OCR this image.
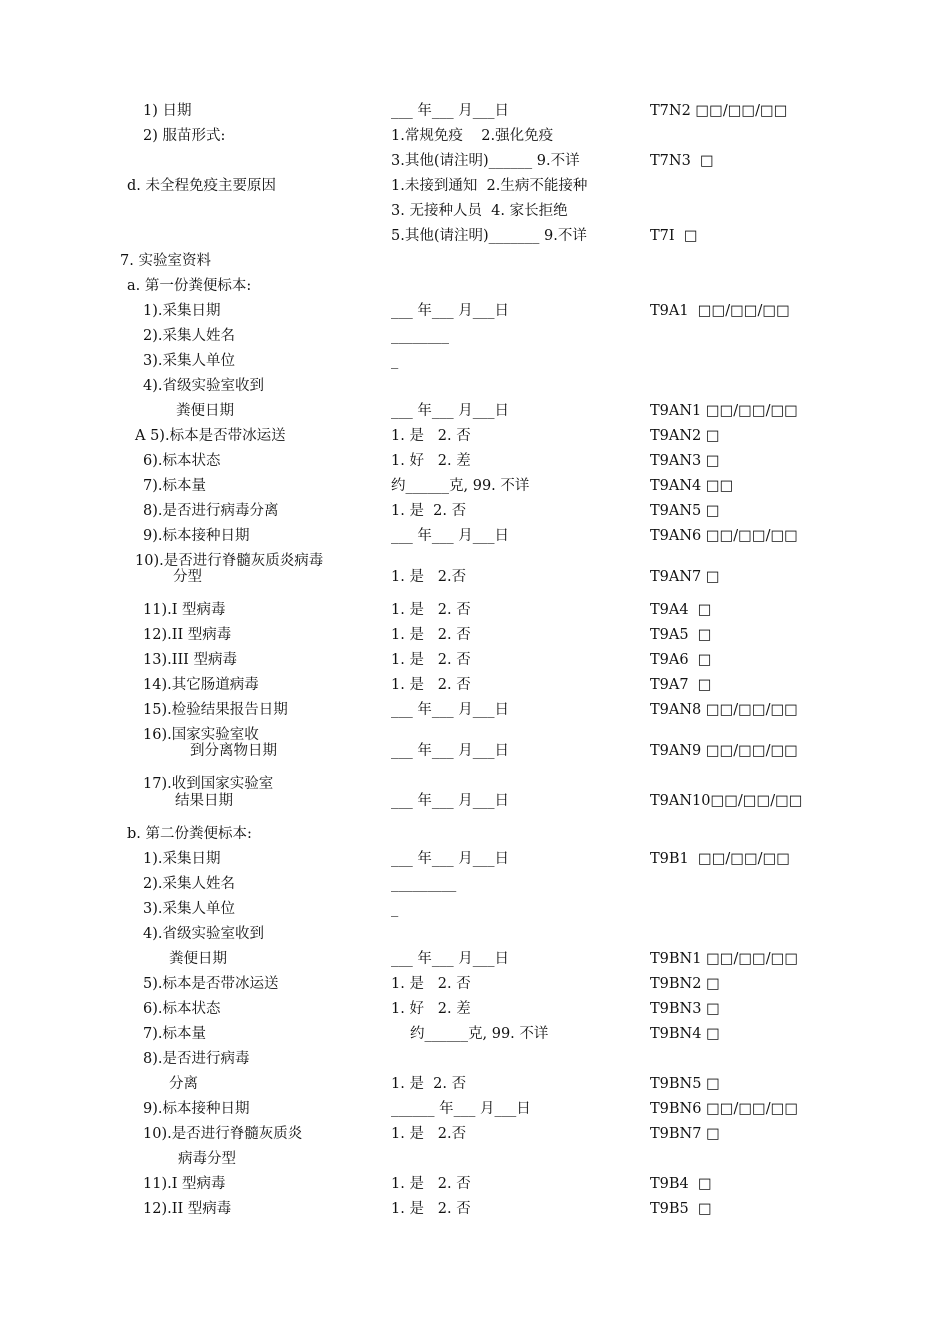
1) 日期	___ 年___ 月___日	T7N2 □□/□□/□□
2) 服苗形式:	1.常规免疫    2.强化免疫
3.其他(请注明)______ 9.不详	T7N3  □
d. 未全程免疫主要原因	1.未接到通知  2.生病不能接种
3. 无接种人员  4. 家长拒绝
5.其他(请注明)_______ 9.不详	T7I  □
7. 实验室资料
a. 第一份粪便标本:
1).采集日期	___ 年___ 月___日	T9A1  □□/□□/□□
2).采集人姓名	________
3).采集人单位	_
4).省级实验室收到
粪便日期	___ 年___ 月___日	T9AN1 □□/□□/□□
A 5).标本是否带冰运送	1. 是   2. 否	T9AN2 □
6).标本状态	1. 好   2. 差	T9AN3 □
7).标本量	约______克, 99. 不详	T9AN4 □□
8).是否进行病毒分离	1. 是  2. 否	T9AN5 □
9).标本接种日期	___ 年___ 月___日	T9AN6 □□/□□/□□
10).是否进行脊髓灰质炎病毒
分型	1. 是   2.否	T9AN7 □
11).I 型病毒	1. 是   2. 否	T9A4  □
12).II 型病毒	1. 是   2. 否	T9A5  □
13).III 型病毒	1. 是   2. 否	T9A6  □
14).其它肠道病毒	1. 是   2. 否	T9A7  □
15).检验结果报告日期	___ 年___ 月___日	T9AN8 □□/□□/□□
16).国家实验室收
到分离物日期	___ 年___ 月___日	T9AN9 □□/□□/□□
17).收到国家实验室
结果日期	___ 年___ 月___日	T9AN10□□/□□/□□
b. 第二份粪便标本:
1).采集日期	___ 年___ 月___日	T9B1  □□/□□/□□
2).采集人姓名	_________
3).采集人单位	_
4).省级实验室收到
粪便日期	___ 年___ 月___日	T9BN1 □□/□□/□□
5).标本是否带冰运送	1. 是   2. 否	T9BN2 □
6).标本状态	1. 好   2. 差	T9BN3 □
7).标本量	约______克, 99. 不详	T9BN4 □
8).是否进行病毒
分离	1. 是  2. 否	T9BN5 □
9).标本接种日期	______ 年___ 月___日	T9BN6 □□/□□/□□
10).是否进行脊髓灰质炎	1. 是   2.否	T9BN7 □
病毒分型
11).I 型病毒	1. 是   2. 否	T9B4  □
12).II 型病毒	1. 是   2. 否	T9B5  □
